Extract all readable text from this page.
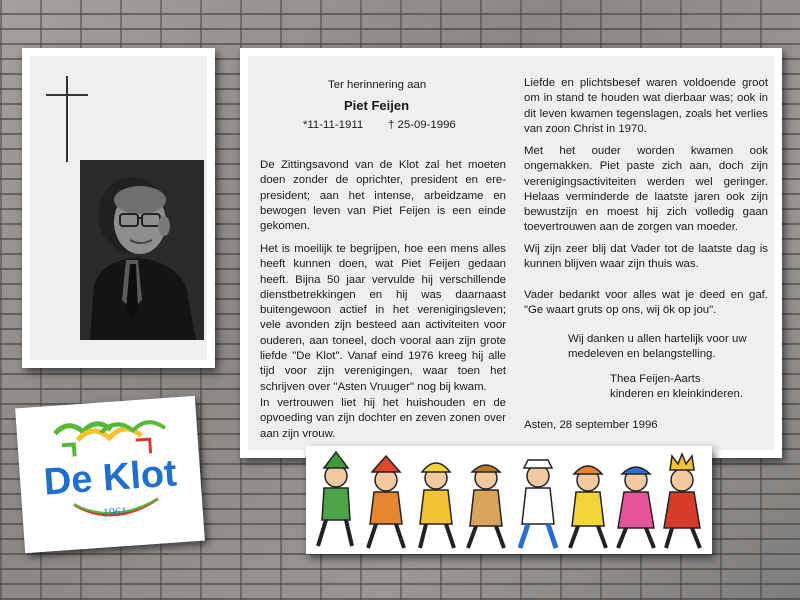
Ter herinnering aan
Piet Feijen
*11-11-1911 † 25-09-1996

De Zittingsavond van de Klot zal het moeten doen zonder de oprichter, president en ere-president; aan het intense, arbeidzame en bewogen leven van Piet Feijen is een einde gekomen.

Het is moeilijk te begrijpen, hoe een mens alles heeft kunnen doen, wat Piet Feijen gedaan heeft. Bijna 50 jaar vervulde hij verschillende dienstbetrekkingen en hij was daarnaast buitengewoon actief in het verenigingsleven; vele avonden zijn besteed aan activiteiten voor ouderen, aan toneel, doch vooral aan zijn grote liefde "De Klot". Vanaf eind 1976 kreeg hij alle tijd voor zijn verenigingen, waar toen het schrijven over "Asten Vruuger" nog bij kwam.

In vertrouwen liet hij het huishouden en de opvoeding van zijn dochter en zeven zonen over aan zijn vrouw.

Liefde en plichtsbesef waren voldoende groot om in stand te houden wat dierbaar was; ook in dit leven kwamen tegenslagen, zoals het verlies van zoon Christ in 1970.

Met het ouder worden kwamen ook ongemakken. Piet paste zich aan, doch zijn verenigingsactiviteiten werden wel geringer. Helaas verminderde de laatste jaren ook zijn bewustzijn en moest hij zich volledig gaan toevertrouwen aan de zorgen van moeder.

Wij zijn zeer blij dat Vader tot de laatste dag is kunnen blijven waar zijn thuis was.

Vader bedankt voor alles wat je deed en gaf. "Ge waart gruts op ons, wij ök op jou".

Wij danken u allen hartelijk voor uw medeleven en belangstelling.

Thea Feijen-Aarts
kinderen en kleinkinderen.
Asten, 28 september 1996
De Klot
1961
